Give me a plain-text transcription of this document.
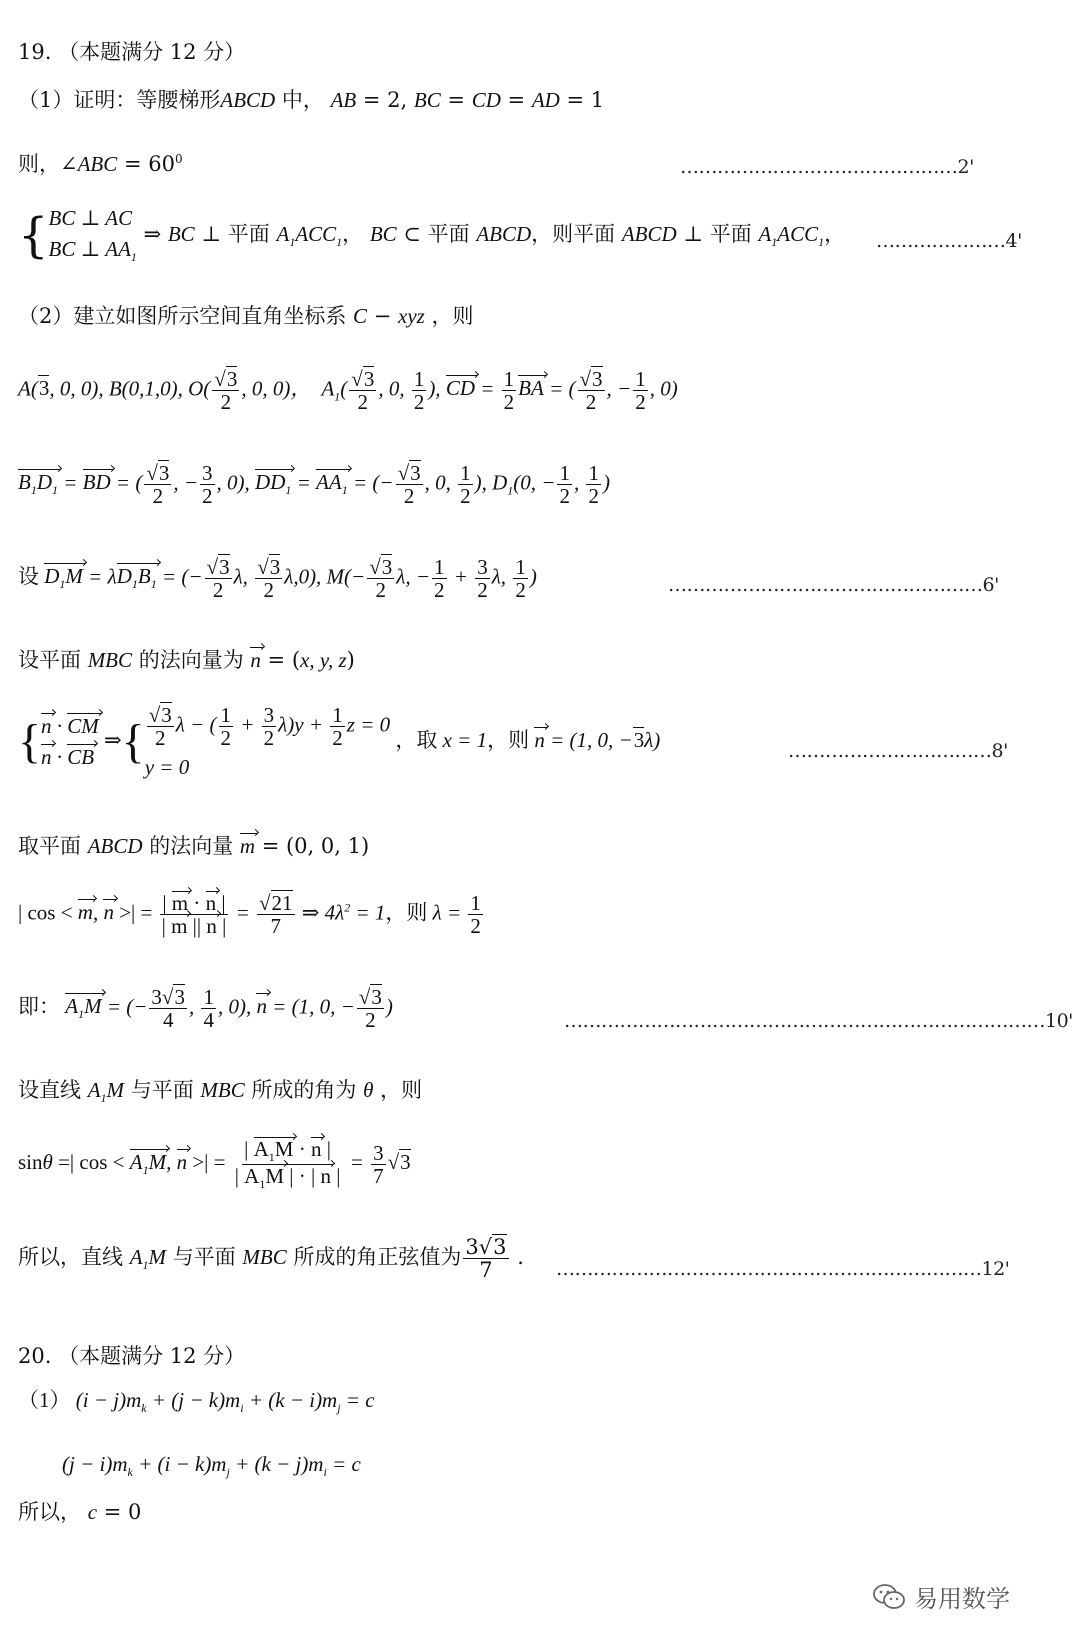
19. （本题满分 12 分）
（1）证明：等腰梯形ABCD 中， AB = 2, BC = CD = AD = 1
则，∠ABC = $60^0$	………………………………………2'
{ BC ⊥ AC
BC ⊥ $AA_1$
⇒ BC ⊥ 平面 $A_1ACC_1$， BC ⊂ 平面 ABCD，则平面 ABCD ⊥ 平面 $A_1ACC_1$， …………………4'
（2）建立如图所示空间直角坐标系 C − xyz ，则
A(3, 0, 0), B(0,1,0), $O( \frac{√3}{2}$ , 0, 0)，  $A_1( \frac{√3}{2}$ , 0, $\frac{1}{2}$ ), CD = $\frac{1}{2}$ BA = ( $\frac{√3}{2}$ , − $\frac{1}{2}$ , 0)
$B_1D_1$ = BD = ( $\frac{√3}{2}$ , − $\frac{3}{2}$ , 0), $DD_1 = AA_1$ = (− $\frac{√3}{2}$ , 0, $\frac{1}{2}$ ), $D_1(0$, − $\frac{1}{2}$ , $\frac{1}{2}$ )
设 $D_1M = \lambda D_1B_1$ = (− $\frac{√3}{2} \lambda$, $\frac{√3}{2} \lambda,0$), $M(- \frac{√3}{2} \lambda$, − $\frac{1}{2} + \frac{3}{2} \lambda$, $\frac{1}{2}$ )	……………………………………………6'
设平面 MBC 的法向量为 n = (x, y, z)
{ n · CM
n · CB
⇒{ $\frac{√3}{2}$ λ − ( $\frac{1}{2} + \frac{3}{2} \lambda)y + \frac{1}{2}$ z = 0
y = 0
，取 x = 1，则 n = (1, 0, −3λ)	……………………………8'
取平面 ABCD 的法向量 m = (0, 0, 1)
| cos < m, n >| = $\frac{| m \cdot n |}{| m || n |} = \frac{√21}{7}$ ⇒ $4\lambda^2 = 1$，则 $\lambda = \frac{1}{2}$
即： $A_1M$ = (− $\frac{3√3}{4}$ , $\frac{1}{4}$ , 0), n = (1, 0, − $\frac{√3}{2}$ )
……………………………………………………………………10'
设直线 $A_1M$ 与平面 MBC 所成的角为 θ ，则
sinθ =| $\cos < A_1M$, n >| = $\frac{| A_1M \cdot n |}{| A_1M | \cdot | n |} = \frac{3}{7} √3$
所以，直线 $A_1M$ 与平面 MBC 所成的角正弦值为 $\frac{3√3}{7}$ . ……………………………………………………………12'
20. （本题满分 12 分）
（1） $(i - j)m_k + (j - k)m_i + (k - i)m_j = c$
$(j - i)m_k + (i - k)m_j + (k - j)m_i = c$
所以， c = 0
易用数学
